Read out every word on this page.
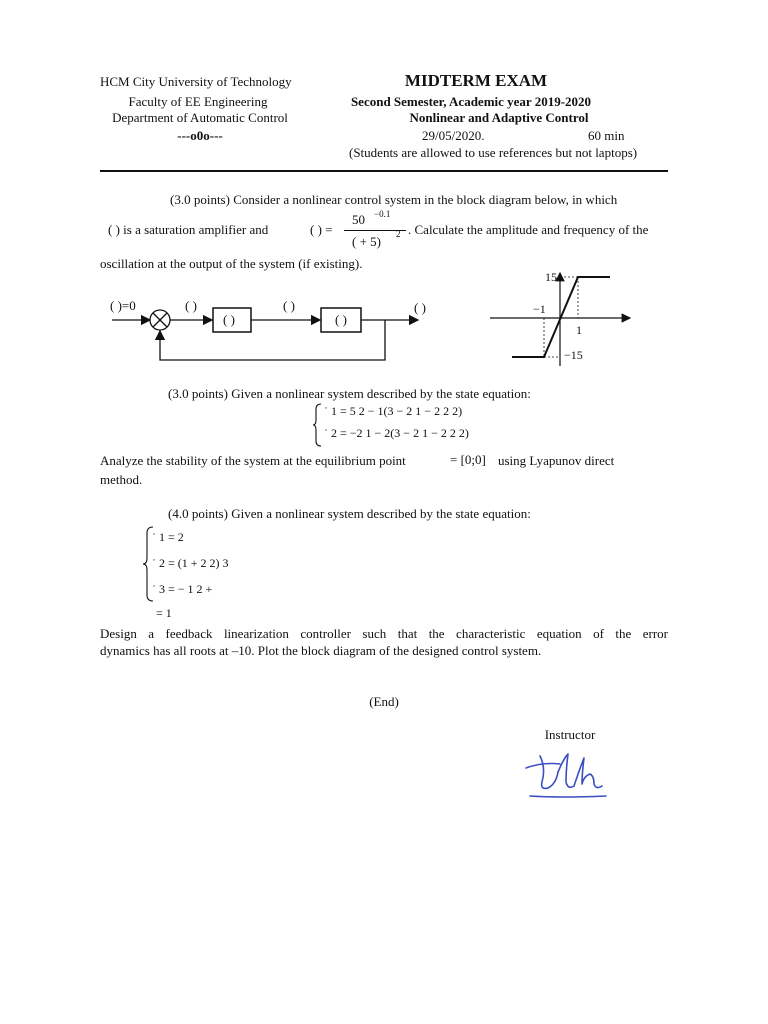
HCM City University of Technology
Faculty of EE Engineering
Department of Automatic Control
---o0o---
MIDTERM EXAM
Second Semester, Academic year 2019-2020
Nonlinear and Adaptive Control
29/05/2020.	60 min
(Students are allowed to use references but not laptops)
(3.0 points) Consider a nonlinear control system in the block diagram below, in which
( ) is a saturation amplifier and	( ) =
50 −0.1
( + 5) 2 . Calculate the amplitude and frequency of the
oscillation at the output of the system (if existing).
( )=0	( )	( )	( )
( )	( )
15
−1
1
−15
(3.0 points) Given a nonlinear system described by the state equation:
˙ 1 = 5 2 − 1(3 − 2 1 − 2 2 2)
˙ 2 = −2 1 − 2(3 − 2 1 − 2 2 2)
Analyze the stability of the system at the equilibrium point	= [0;0] using Lyapunov direct
method.
(4.0 points) Given a nonlinear system described by the state equation:
˙ 1 = 2
˙ 2 = (1 + 2 2) 3
˙ 3 = − 1 2 +
= 1
Design a feedback linearization controller such that the characteristic equation of the error
dynamics has all roots at –10. Plot the block diagram of the designed control system.
(End)
Instructor
